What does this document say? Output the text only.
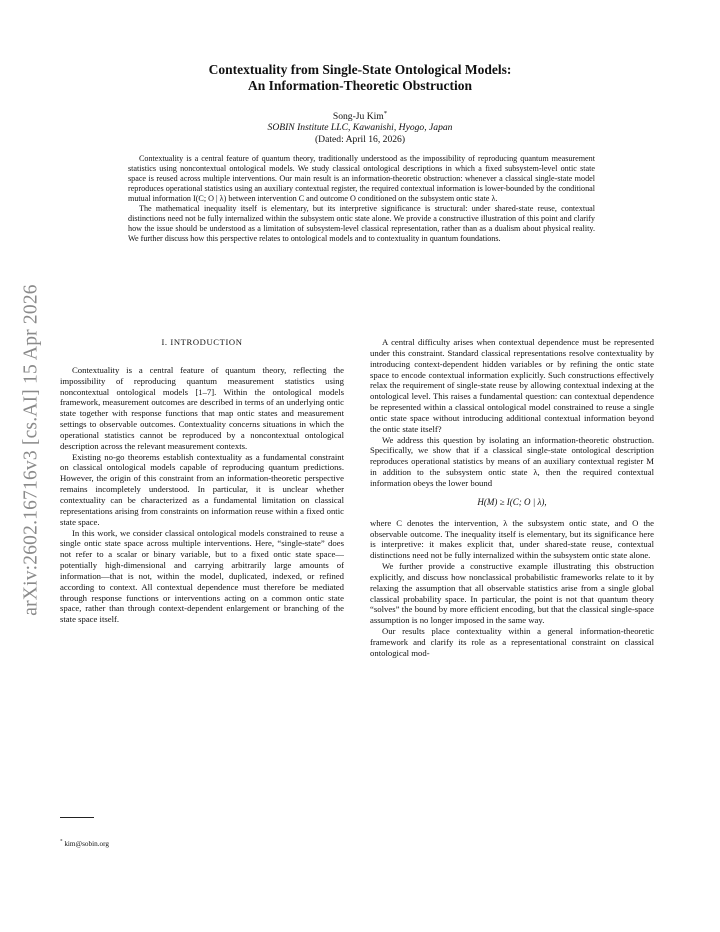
arXiv:2602.16716v3 [cs.AI] 15 Apr 2026
Contextuality from Single-State Ontological Models:
An Information-Theoretic Obstruction
Song-Ju Kim*
SOBIN Institute LLC, Kawanishi, Hyogo, Japan
(Dated: April 16, 2026)

Contextuality is a central feature of quantum theory, traditionally understood as the impossibility of reproducing quantum measurement statistics using noncontextual ontological models. We study classical ontological descriptions in which a fixed subsystem-level ontic state space is reused across multiple interventions. Our main result is an information-theoretic obstruction: whenever a classical single-state model reproduces operational statistics using an auxiliary contextual register, the required contextual information is lower-bounded by the conditional mutual information I(C; O | λ) between intervention C and outcome O conditioned on the subsystem ontic state λ.

The mathematical inequality itself is elementary, but its interpretive significance is structural: under shared-state reuse, contextual distinctions need not be fully internalized within the subsystem ontic state alone. We provide a constructive illustration of this point and clarify how the issue should be understood as a limitation of subsystem-level classical representation, rather than as a dualism about physical reality. We further discuss how this perspective relates to ontological models and to contextuality in quantum foundations.

I. INTRODUCTION

Contextuality is a central feature of quantum theory, reflecting the impossibility of reproducing quantum measurement statistics using noncontextual ontological models [1–7]. Within the ontological models framework, measurement outcomes are described in terms of an underlying ontic state together with response functions that map ontic states and measurement settings to observable outcomes. Contextuality concerns situations in which the operational statistics cannot be reproduced by a noncontextual ontological description across the relevant measurement contexts.

Existing no-go theorems establish contextuality as a fundamental constraint on classical ontological models capable of reproducing quantum predictions. However, the origin of this constraint from an information-theoretic perspective remains incompletely understood. In particular, it is unclear whether contextuality can be characterized as a fundamental limitation on classical representations arising from constraints on information reuse within a fixed ontic state space.

In this work, we consider classical ontological models constrained to reuse a single ontic state space across multiple interventions. Here, “single-state” does not refer to a scalar or binary variable, but to a fixed ontic state space—potentially high-dimensional and carrying arbitrarily large amounts of information—that is not, within the model, duplicated, indexed, or refined according to context. All contextual dependence must therefore be mediated through response functions or interventions acting on a common ontic state space, rather than through context-dependent enlargement or branching of the state space itself.

A central difficulty arises when contextual dependence must be represented under this constraint. Standard classical representations resolve contextuality by introducing context-dependent hidden variables or by refining the ontic state space to encode contextual information explicitly. Such constructions effectively relax the requirement of single-state reuse by allowing contextual indexing at the ontological level. This raises a fundamental question: can contextual dependence be represented within a classical ontological model constrained to reuse a single ontic state space without introducing additional contextual information beyond the ontic state itself?

We address this question by isolating an information-theoretic obstruction. Specifically, we show that if a classical single-state ontological description reproduces operational statistics by means of an auxiliary contextual register M in addition to the subsystem ontic state λ, then the required contextual information obeys the lower bound

H(M) ≥ I(C; O | λ),

where C denotes the intervention, λ the subsystem ontic state, and O the observable outcome. The inequality itself is elementary, but its significance here is interpretive: it makes explicit that, under shared-state reuse, contextual distinctions need not be fully internalized within the subsystem ontic state alone.

We further provide a constructive example illustrating this obstruction explicitly, and discuss how nonclassical probabilistic frameworks relate to it by relaxing the assumption that all observable statistics arise from a single global classical probability space. In particular, the point is not that quantum theory “solves” the bound by more efficient encoding, but that the classical single-space assumption is no longer imposed in the same way.

Our results place contextuality within a general information-theoretic framework and clarify its role as a representational constraint on classical ontological mod-

* kim@sobin.org
